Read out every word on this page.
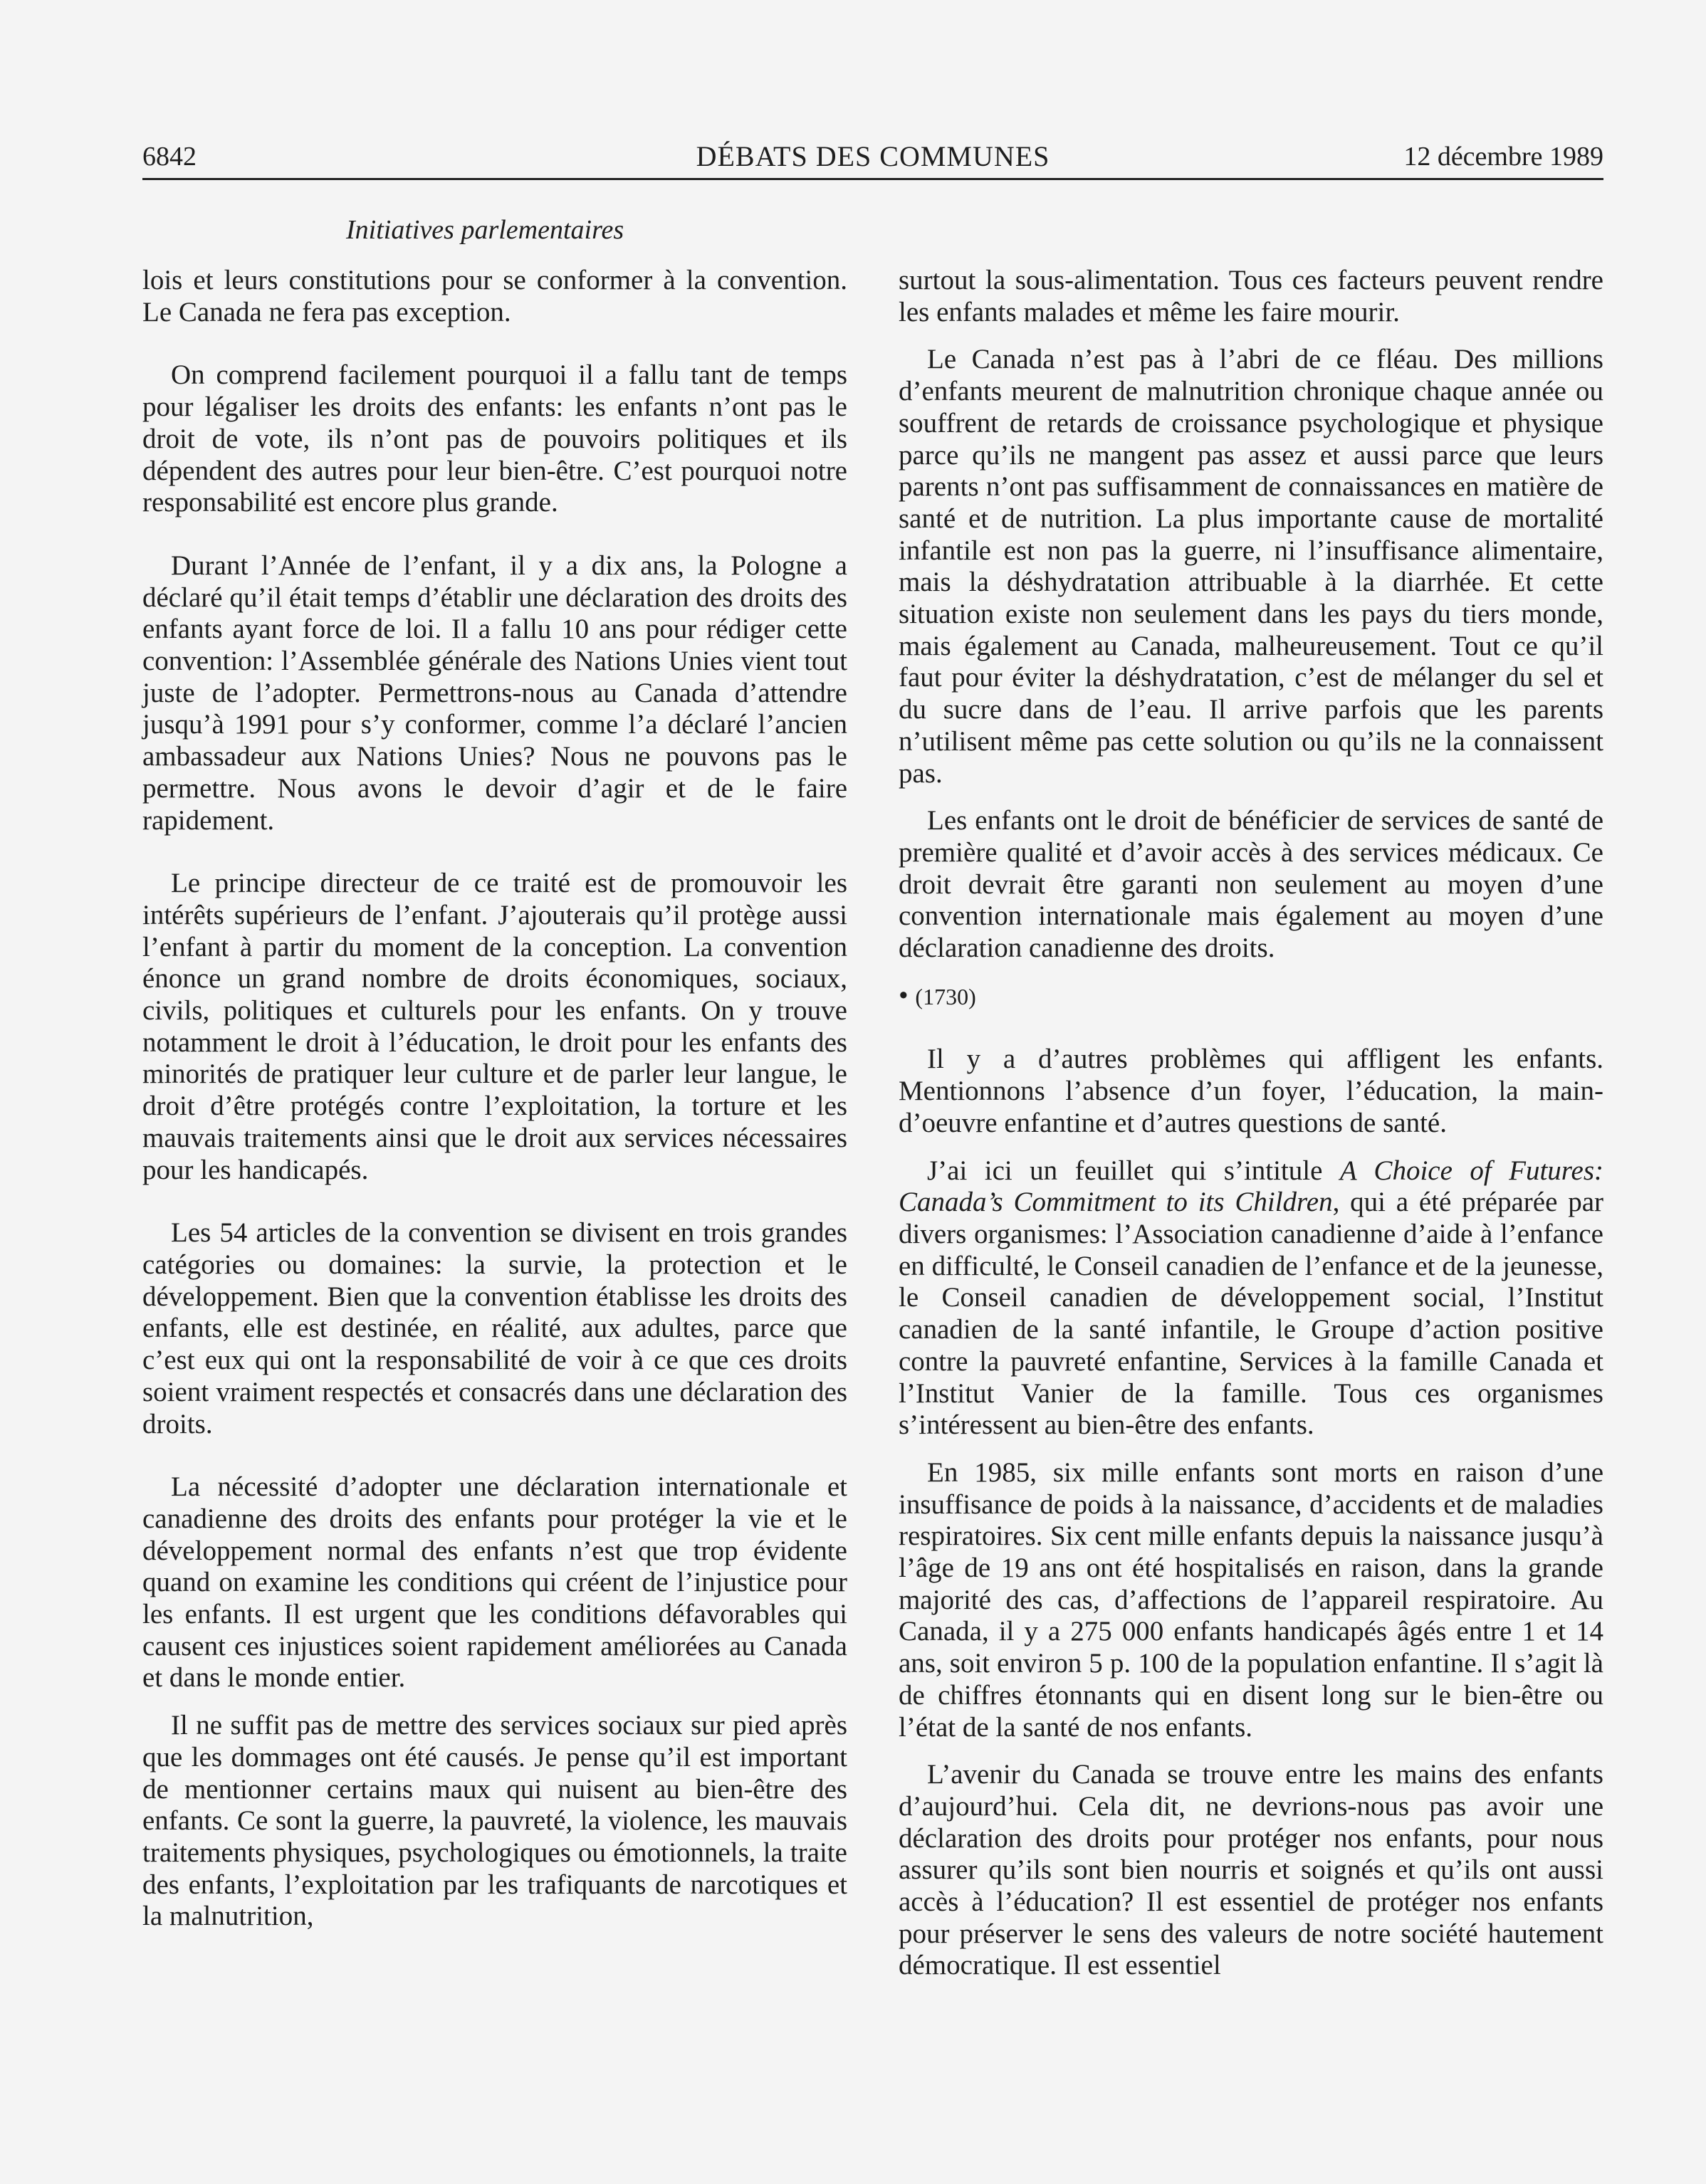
6842	DÉBATS DES COMMUNES	12 décembre 1989
Initiatives parlementaires

lois et leurs constitutions pour se conformer à la convention. Le Canada ne fera pas exception.

On comprend facilement pourquoi il a fallu tant de temps pour légaliser les droits des enfants: les enfants n’ont pas le droit de vote, ils n’ont pas de pouvoirs politiques et ils dépendent des autres pour leur bien-être. C’est pourquoi notre responsabilité est encore plus grande.

Durant l’Année de l’enfant, il y a dix ans, la Pologne a déclaré qu’il était temps d’établir une déclaration des droits des enfants ayant force de loi. Il a fallu 10 ans pour rédiger cette convention: l’Assemblée générale des Nations Unies vient tout juste de l’adopter. Permettrons-nous au Canada d’attendre jusqu’à 1991 pour s’y conformer, comme l’a déclaré l’ancien ambassadeur aux Nations Unies? Nous ne pouvons pas le permettre. Nous avons le devoir d’agir et de le faire rapidement.

Le principe directeur de ce traité est de promouvoir les intérêts supérieurs de l’enfant. J’ajouterais qu’il protège aussi l’enfant à partir du moment de la conception. La convention énonce un grand nombre de droits économiques, sociaux, civils, politiques et culturels pour les enfants. On y trouve notamment le droit à l’éducation, le droit pour les enfants des minorités de pratiquer leur culture et de parler leur langue, le droit d’être protégés contre l’exploitation, la torture et les mauvais traitements ainsi que le droit aux services nécessaires pour les handicapés.

Les 54 articles de la convention se divisent en trois grandes catégories ou domaines: la survie, la protection et le développement. Bien que la convention établisse les droits des enfants, elle est destinée, en réalité, aux adultes, parce que c’est eux qui ont la responsabilité de voir à ce que ces droits soient vraiment respectés et consacrés dans une déclaration des droits.

La nécessité d’adopter une déclaration internationale et canadienne des droits des enfants pour protéger la vie et le développement normal des enfants n’est que trop évidente quand on examine les conditions qui créent de l’injustice pour les enfants. Il est urgent que les conditions défavorables qui causent ces injustices soient rapidement améliorées au Canada et dans le monde entier.

Il ne suffit pas de mettre des services sociaux sur pied après que les dommages ont été causés. Je pense qu’il est important de mentionner certains maux qui nuisent au bien-être des enfants. Ce sont la guerre, la pauvreté, la violence, les mauvais traitements physiques, psychologiques ou émotionnels, la traite des enfants, l’exploitation par les trafiquants de narcotiques et la malnutrition,

surtout la sous-alimentation. Tous ces facteurs peuvent rendre les enfants malades et même les faire mourir.

Le Canada n’est pas à l’abri de ce fléau. Des millions d’enfants meurent de malnutrition chronique chaque année ou souffrent de retards de croissance psychologique et physique parce qu’ils ne mangent pas assez et aussi parce que leurs parents n’ont pas suffisamment de connaissances en matière de santé et de nutrition. La plus importante cause de mortalité infantile est non pas la guerre, ni l’insuffisance alimentaire, mais la déshydratation attribuable à la diarrhée. Et cette situation existe non seulement dans les pays du tiers monde, mais également au Canada, malheureusement. Tout ce qu’il faut pour éviter la déshydratation, c’est de mélanger du sel et du sucre dans de l’eau. Il arrive parfois que les parents n’utilisent même pas cette solution ou qu’ils ne la connaissent pas.

Les enfants ont le droit de bénéficier de services de santé de première qualité et d’avoir accès à des services médicaux. Ce droit devrait être garanti non seulement au moyen d’une convention internationale mais également au moyen d’une déclaration canadienne des droits.

• (1730)

Il y a d’autres problèmes qui affligent les enfants. Mentionnons l’absence d’un foyer, l’éducation, la main-d’oeuvre enfantine et d’autres questions de santé.

J’ai ici un feuillet qui s’intitule A Choice of Futures: Canada’s Commitment to its Children, qui a été préparée par divers organismes: l’Association canadienne d’aide à l’enfance en difficulté, le Conseil canadien de l’enfance et de la jeunesse, le Conseil canadien de développement social, l’Institut canadien de la santé infantile, le Groupe d’action positive contre la pauvreté enfantine, Services à la famille Canada et l’Institut Vanier de la famille. Tous ces organismes s’intéressent au bien-être des enfants.

En 1985, six mille enfants sont morts en raison d’une insuffisance de poids à la naissance, d’accidents et de maladies respiratoires. Six cent mille enfants depuis la naissance jusqu’à l’âge de 19 ans ont été hospitalisés en raison, dans la grande majorité des cas, d’affections de l’appareil respiratoire. Au Canada, il y a 275 000 enfants handicapés âgés entre 1 et 14 ans, soit environ 5 p. 100 de la population enfantine. Il s’agit là de chiffres étonnants qui en disent long sur le bien-être ou l’état de la santé de nos enfants.

L’avenir du Canada se trouve entre les mains des enfants d’aujourd’hui. Cela dit, ne devrions-nous pas avoir une déclaration des droits pour protéger nos enfants, pour nous assurer qu’ils sont bien nourris et soignés et qu’ils ont aussi accès à l’éducation? Il est essentiel de protéger nos enfants pour préserver le sens des valeurs de notre société hautement démocratique. Il est essentiel
